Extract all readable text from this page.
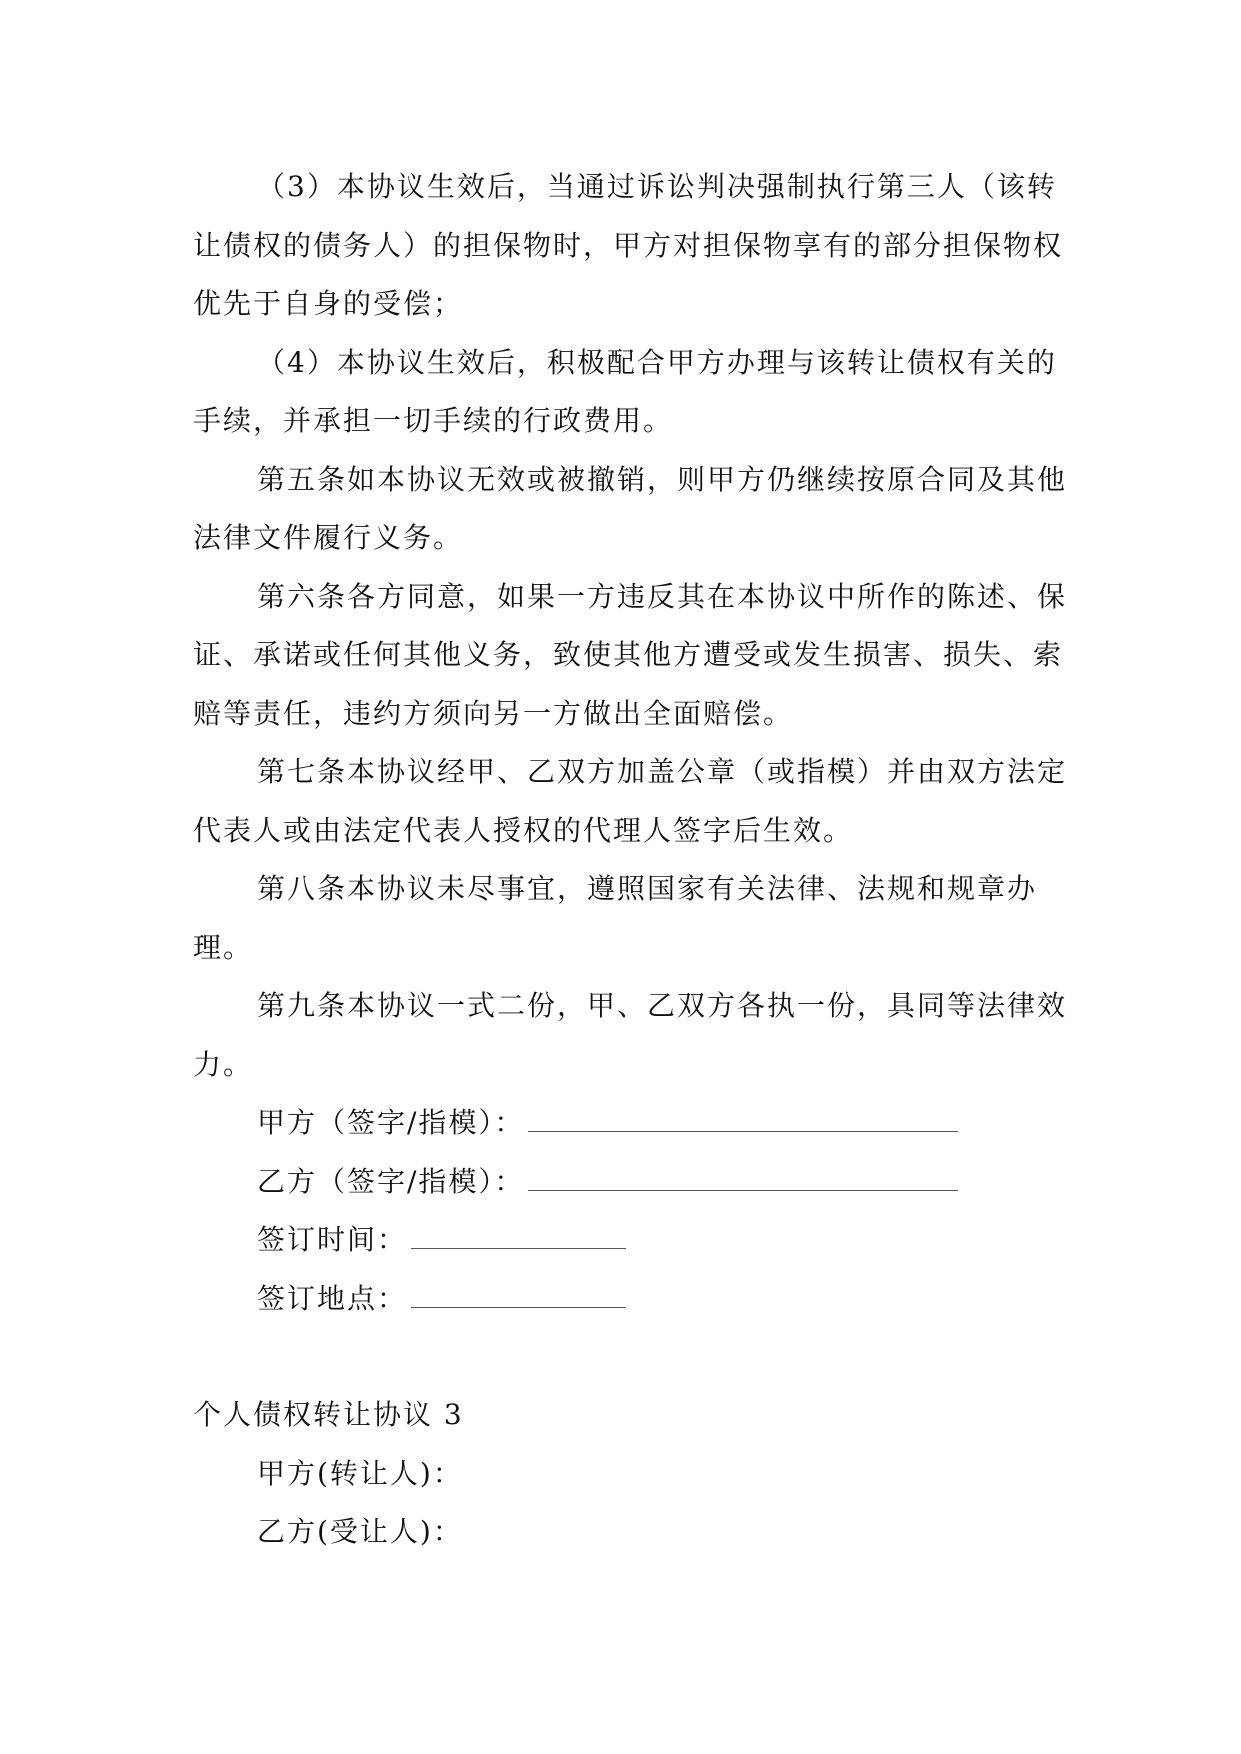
（3）本协议生效后，当通过诉讼判决强制执行第三人（该转让债权的债务人）的担保物时，甲方对担保物享有的部分担保物权优先于自身的受偿；

（4）本协议生效后，积极配合甲方办理与该转让债权有关的手续，并承担一切手续的行政费用。

第五条如本协议无效或被撤销，则甲方仍继续按原合同及其他法律文件履行义务。

第六条各方同意，如果一方违反其在本协议中所作的陈述、保证、承诺或任何其他义务，致使其他方遭受或发生损害、损失、索赔等责任，违约方须向另一方做出全面赔偿。

第七条本协议经甲、乙双方加盖公章（或指模）并由双方法定代表人或由法定代表人授权的代理人签字后生效。

第八条本协议未尽事宜，遵照国家有关法律、法规和规章办理。

第九条本协议一式二份，甲、乙双方各执一份，具同等法律效力。

甲方（签字/指模）：
乙方（签字/指模）：
签订时间：
签订地点：

个人债权转让协议 3

甲方(转让人)：
乙方(受让人)：
